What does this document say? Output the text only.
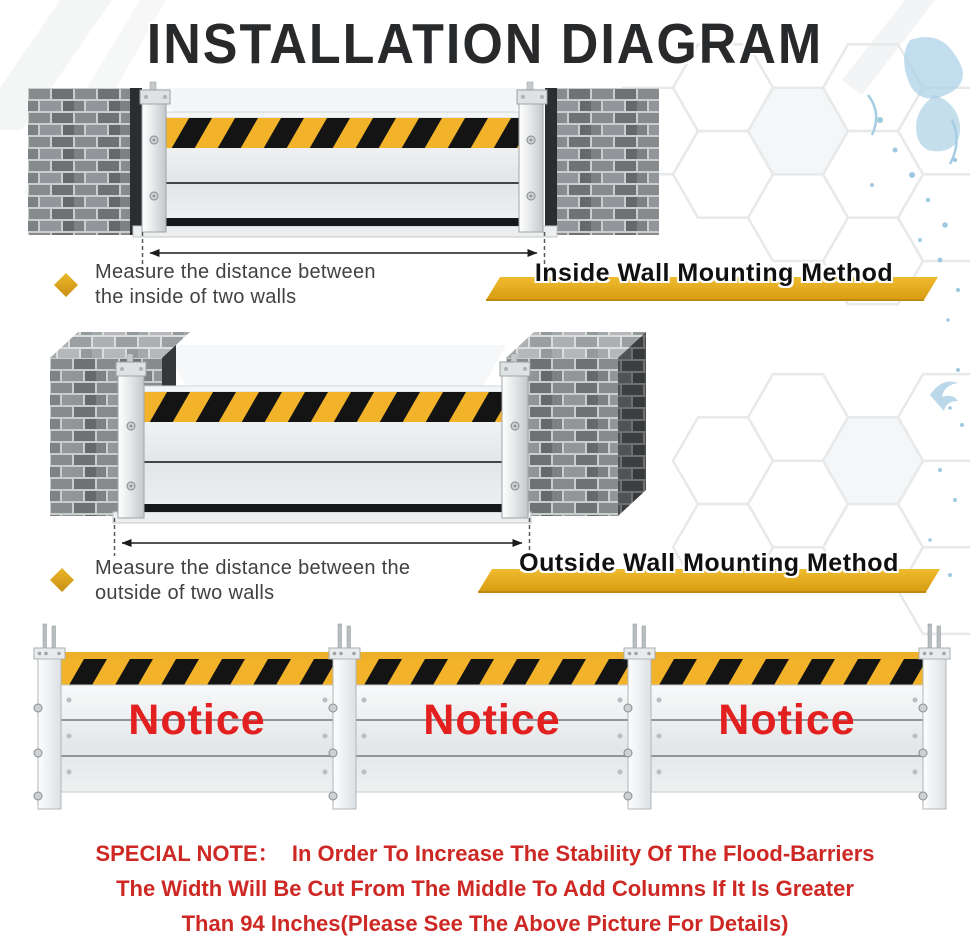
INSTALLATION DIAGRAM
Measure the distance between
the inside of two walls
Inside Wall Mounting Method
Measure the distance between the
outside of two walls
Outside Wall Mounting Method
Notice	Notice	Notice
SPECIAL NOTE：  In Order To Increase The Stability Of The Flood-Barriers
The Width Will Be Cut From The Middle To Add Columns If It Is Greater
Than 94 Inches(Please See The Above Picture For Details)
